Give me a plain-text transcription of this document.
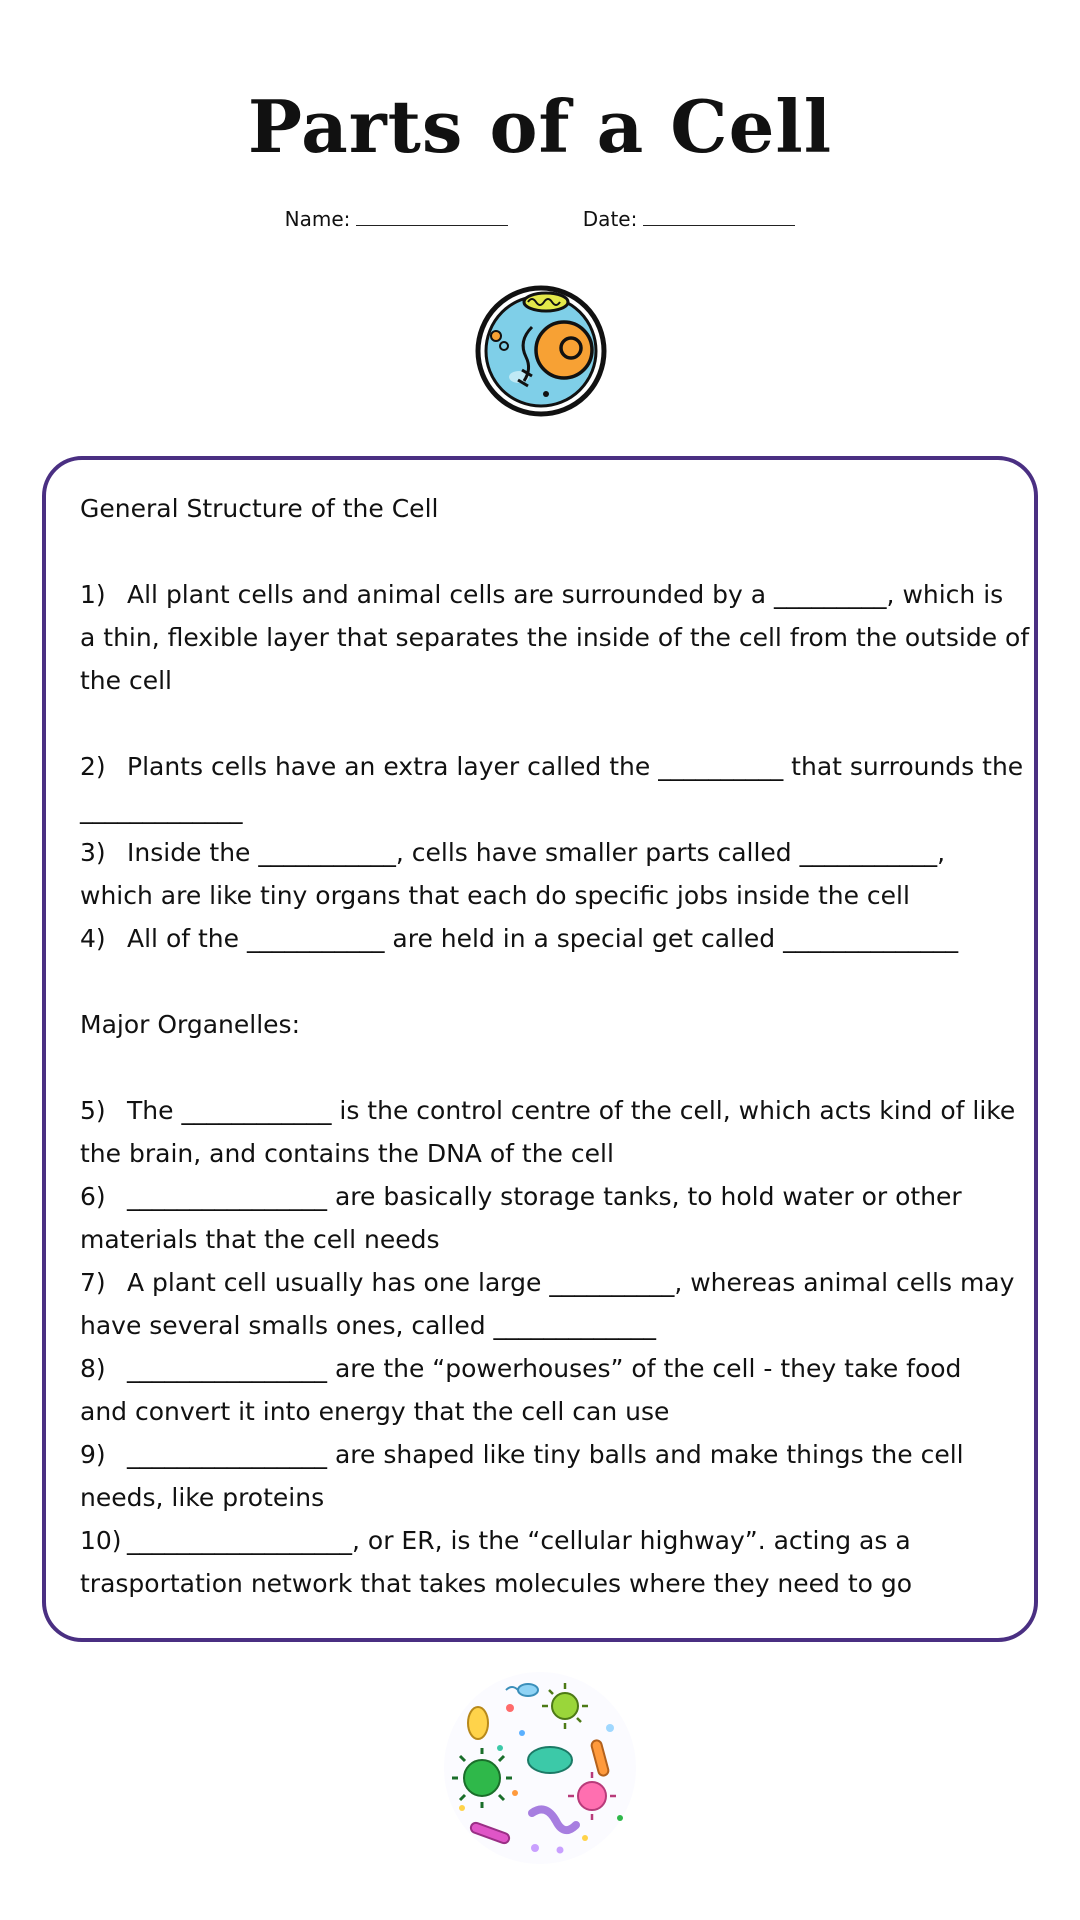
Parts of a Cell
Name:	Date:
General Structure of the Cell
1) All plant cells and animal cells are surrounded by a _________, which is
a thin, flexible layer that separates the inside of the cell from the outside of
the cell
2) Plants cells have an extra layer called the __________ that surrounds the
_____________
3) Inside the ___________, cells have smaller parts called ___________,
which are like tiny organs that each do specific jobs inside the cell
4) All of the ___________ are held in a special get called ______________
Major Organelles:
5) The ____________ is the control centre of the cell, which acts kind of like
the brain, and contains the DNA of the cell
6) ________________ are basically storage tanks, to hold water or other
materials that the cell needs
7) A plant cell usually has one large __________, whereas animal cells may
have several smalls ones, called _____________
8) ________________ are the “powerhouses” of the cell - they take food
and convert it into energy that the cell can use
9) ________________ are shaped like tiny balls and make things the cell
needs, like proteins
10) __________________, or ER, is the “cellular highway”. acting as a
trasportation network that takes molecules where they need to go
